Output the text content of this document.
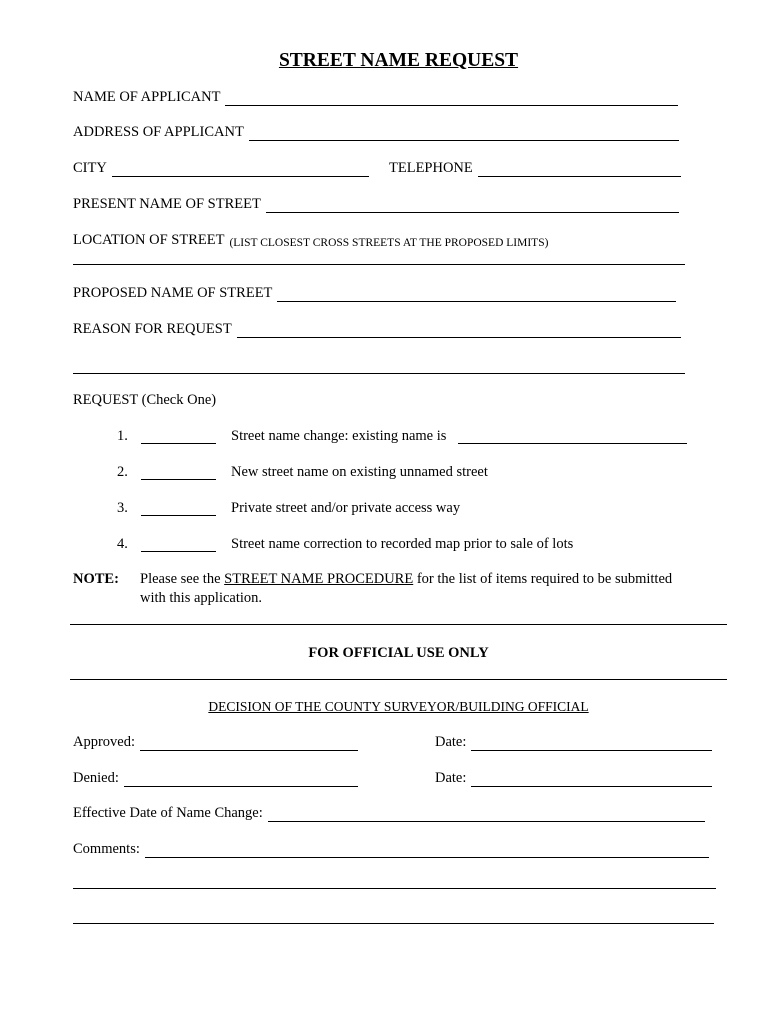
STREET NAME REQUEST
NAME OF APPLICANT
ADDRESS OF APPLICANT
CITY	TELEPHONE
PRESENT NAME OF STREET
LOCATION OF STREET (LIST CLOSEST CROSS STREETS AT THE PROPOSED LIMITS)
PROPOSED NAME OF STREET
REASON FOR REQUEST
REQUEST (Check One)
1.	Street name change: existing name is
2.	New street name on existing unnamed street
3.	Private street and/or private access way
4.	Street name correction to recorded map prior to sale of lots
NOTE: Please see the STREET NAME PROCEDURE for the list of items required to be submitted
with this application.
FOR OFFICIAL USE ONLY
DECISION OF THE COUNTY SURVEYOR/BUILDING OFFICIAL
Approved:	Date:
Denied:	Date:
Effective Date of Name Change:
Comments:
